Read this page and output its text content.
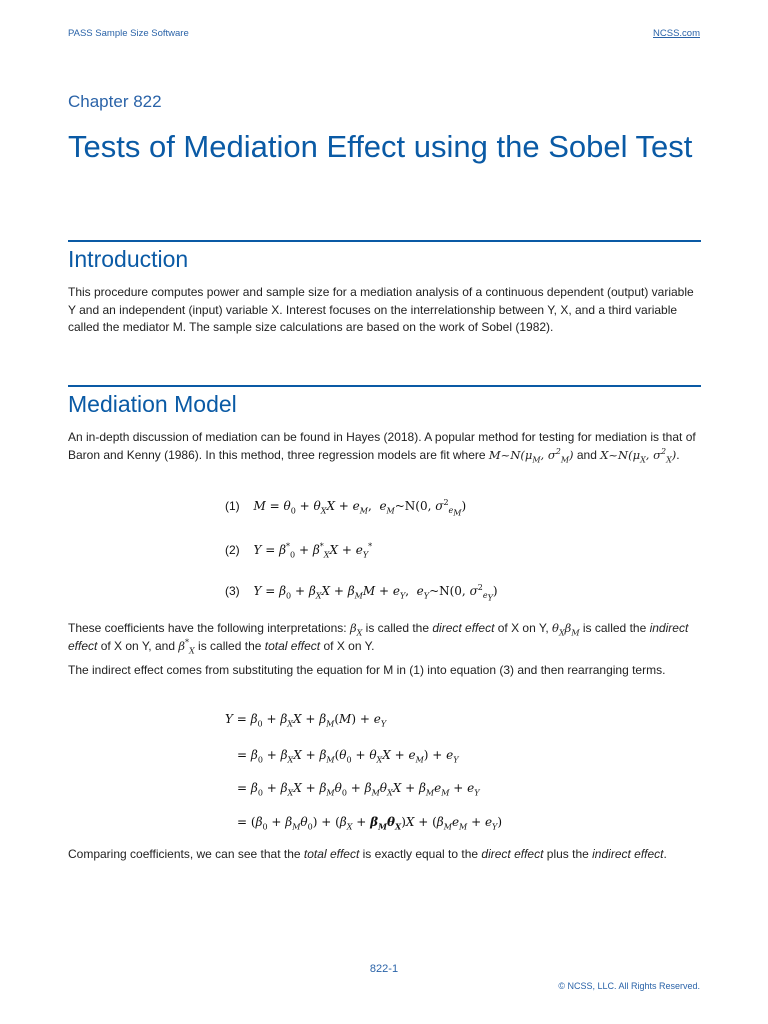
PASS Sample Size Software	NCSS.com
Chapter 822
Tests of Mediation Effect using the Sobel Test
Introduction
This procedure computes power and sample size for a mediation analysis of a continuous dependent (output) variable Y and an independent (input) variable X. Interest focuses on the interrelationship between Y, X, and a third variable called the mediator M. The sample size calculations are based on the work of Sobel (1982).
Mediation Model
An in-depth discussion of mediation can be found in Hayes (2018). A popular method for testing for mediation is that of Baron and Kenny (1986). In this method, three regression models are fit where $M\sim N(\mu_M$, $\sigma^2_M$) and $X\sim N(\mu_X$, $\sigma^2_X$).
(1) $M = \theta_0 + \theta_XX + e_M$,  $e_M\sim N(0$, $\sigma^2_{e_M}$)
(2) $Y = \beta^*_0 + \beta^*_XX + e_Y^*$
(3) $Y = \beta_0 + \beta_XX + \beta_MM + e_Y$,  $e_Y\sim N(0$, $\sigma^2_{e_Y}$)
These coefficients have the following interpretations: $\beta_X$ is called the direct effect of X on Y, $\theta_X\beta_M$ is called the indirect effect of X on Y, and $\beta^*_X$ is called the total effect of X on Y.
The indirect effect comes from substituting the equation for M in (1) into equation (3) and then rearranging terms.
$Y = \beta_0 + \beta_XX + \beta_M(M) + e_Y$
= $\beta_0 + \beta_XX + \beta_M(\theta_0 + \theta_XX + e_M) + e_Y$
= $\beta_0 + \beta_XX + \beta_M\theta_0 + \beta_M\theta_XX + \beta_Me_M + e_Y$
= $(\beta_0 + \beta_M\theta_0) + (\beta_X + \beta_M\theta_X)X + (\beta_Me_M + e_Y)$
Comparing coefficients, we can see that the total effect is exactly equal to the direct effect plus the indirect effect.
822-1
© NCSS, LLC. All Rights Reserved.
